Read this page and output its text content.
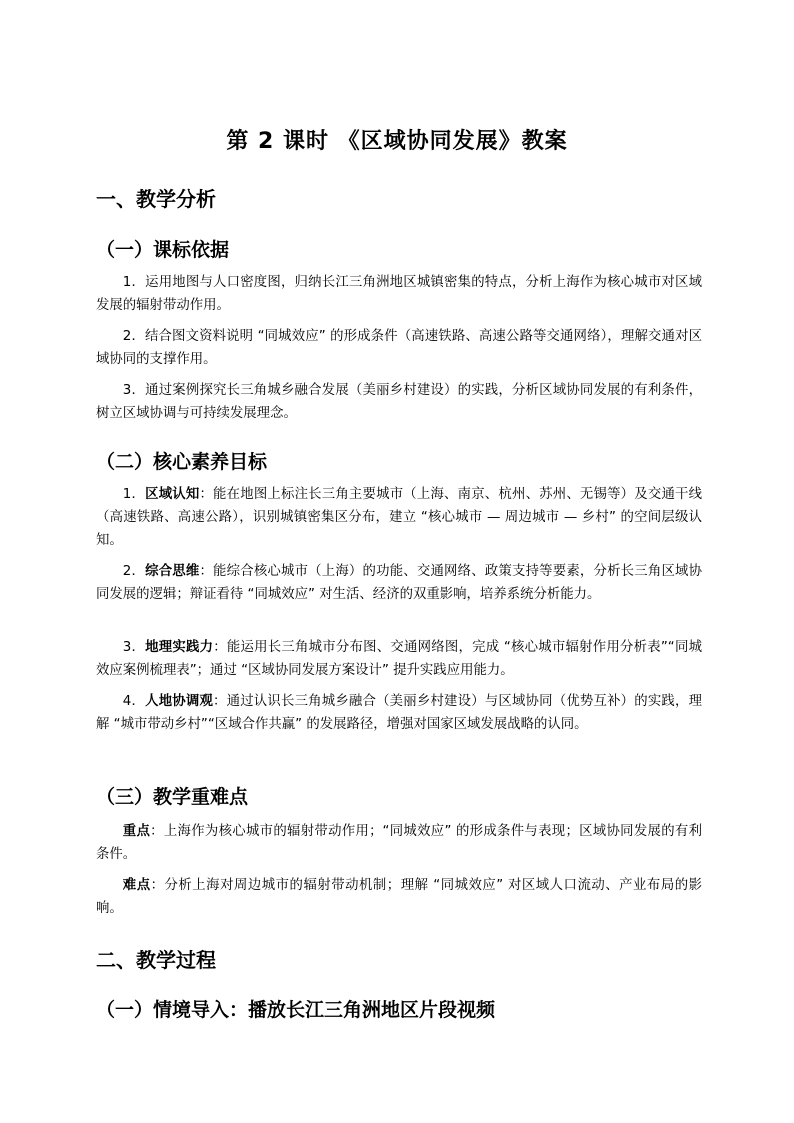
第 2 课时 《区域协同发展》教案
一、教学分析
（一）课标依据
1．运用地图与人口密度图，归纳长江三角洲地区城镇密集的特点，分析上海作为核心城市对区域发展的辐射带动作用。
2．结合图文资料说明 “同城效应” 的形成条件（高速铁路、高速公路等交通网络），理解交通对区域协同的支撑作用。
3．通过案例探究长三角城乡融合发展（美丽乡村建设）的实践，分析区域协同发展的有利条件，树立区域协调与可持续发展理念。
（二）核心素养目标
1．区域认知：能在地图上标注长三角主要城市（上海、南京、杭州、苏州、无锡等）及交通干线（高速铁路、高速公路），识别城镇密集区分布，建立 “核心城市 — 周边城市 — 乡村” 的空间层级认知。
2．综合思维：能综合核心城市（上海）的功能、交通网络、政策支持等要素，分析长三角区域协同发展的逻辑；辩证看待 “同城效应” 对生活、经济的双重影响，培养系统分析能力。
3．地理实践力：能运用长三角城市分布图、交通网络图，完成 “核心城市辐射作用分析表”“同城效应案例梳理表”；通过 “区域协同发展方案设计” 提升实践应用能力。
4．人地协调观：通过认识长三角城乡融合（美丽乡村建设）与区域协同（优势互补）的实践，理解 “城市带动乡村”“区域合作共赢” 的发展路径，增强对国家区域发展战略的认同。
（三）教学重难点
重点：上海作为核心城市的辐射带动作用；“同城效应” 的形成条件与表现；区域协同发展的有利条件。
难点：分析上海对周边城市的辐射带动机制；理解 “同城效应” 对区域人口流动、产业布局的影响。
二、教学过程
（一）情境导入：播放长江三角洲地区片段视频
